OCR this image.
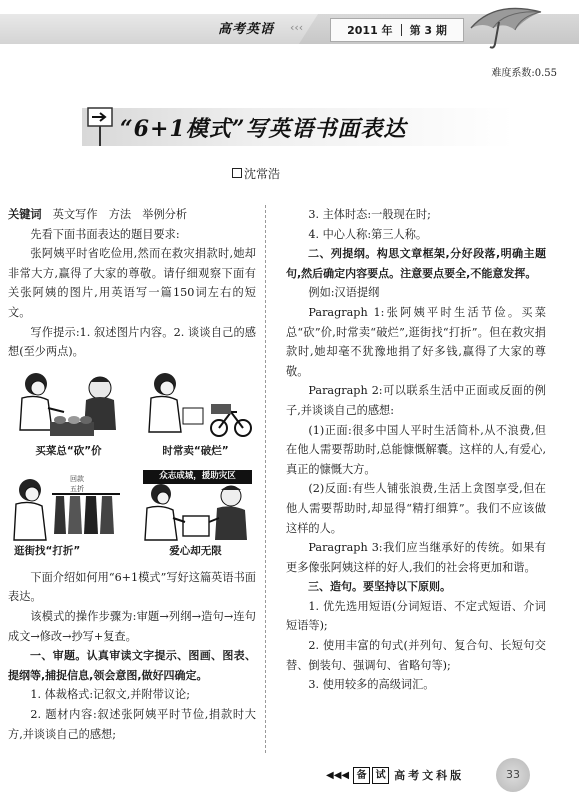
高考英语 ‹‹‹	2011 年 第 3 期
难度系数:0.55
“6+1模式”写英语书面表达
沈常浩

关键词　 英文写作　方法　举例分析

先看下面书面表达的题目要求:

张阿姨平时省吃俭用,然而在救灾捐款时,她却非常大方,赢得了大家的尊敬。请仔细观察下面有关张阿姨的图片,用英语写一篇150词左右的短文。

写作提示:1. 叙述图片内容。2. 谈谈自己的感想(至少两点)。

买菜总“砍”价	时常卖“破烂”
回款
五折
逛街找“打折”
众志成城，援助灾区
爱心却无限

下面介绍如何用“6+1模式”写好这篇英语书面表达。

该模式的操作步骤为:审题→列纲→造句→连句成文→修改→抄写+复查。

一、审题。认真审读文字提示、图画、图表、提纲等,捕捉信息,领会意图,做好四确定。

1. 体裁格式:记叙文,并附带议论;

2. 题材内容:叙述张阿姨平时节俭,捐款时大方,并谈谈自己的感想;

3. 主体时态:一般现在时;

4. 中心人称:第三人称。

二、列提纲。构思文章框架,分好段落,明确主题句,然后确定内容要点。注意要点要全,不能意发挥。

例如:汉语提纲

Paragraph 1:张阿姨平时生活节俭。买菜总“砍”价,时常卖“破烂”,逛街找“打折”。但在救灾捐款时,她却毫不犹豫地捐了好多钱,赢得了大家的尊敬。

Paragraph 2:可以联系生活中正面或反面的例子,并谈谈自己的感想:

(1)正面:很多中国人平时生活简朴,从不浪费,但在他人需要帮助时,总能慷慨解囊。这样的人,有爱心,真正的慷慨大方。

(2)反面:有些人铺张浪费,生活上贪图享受,但在他人需要帮助时,却显得“精打细算”。我们不应该做这样的人。

Paragraph 3:我们应当继承好的传统。如果有更多像张阿姨这样的好人,我们的社会将更加和谐。

三、造句。要坚持以下原则。

1. 优先选用短语(分词短语、不定式短语、介词短语等);

2. 使用丰富的句式(并列句、复合句、长短句交替、倒装句、强调句、省略句等);

3. 使用较多的高级词汇。

◀◀◀ 备 试 高考文科版	33
